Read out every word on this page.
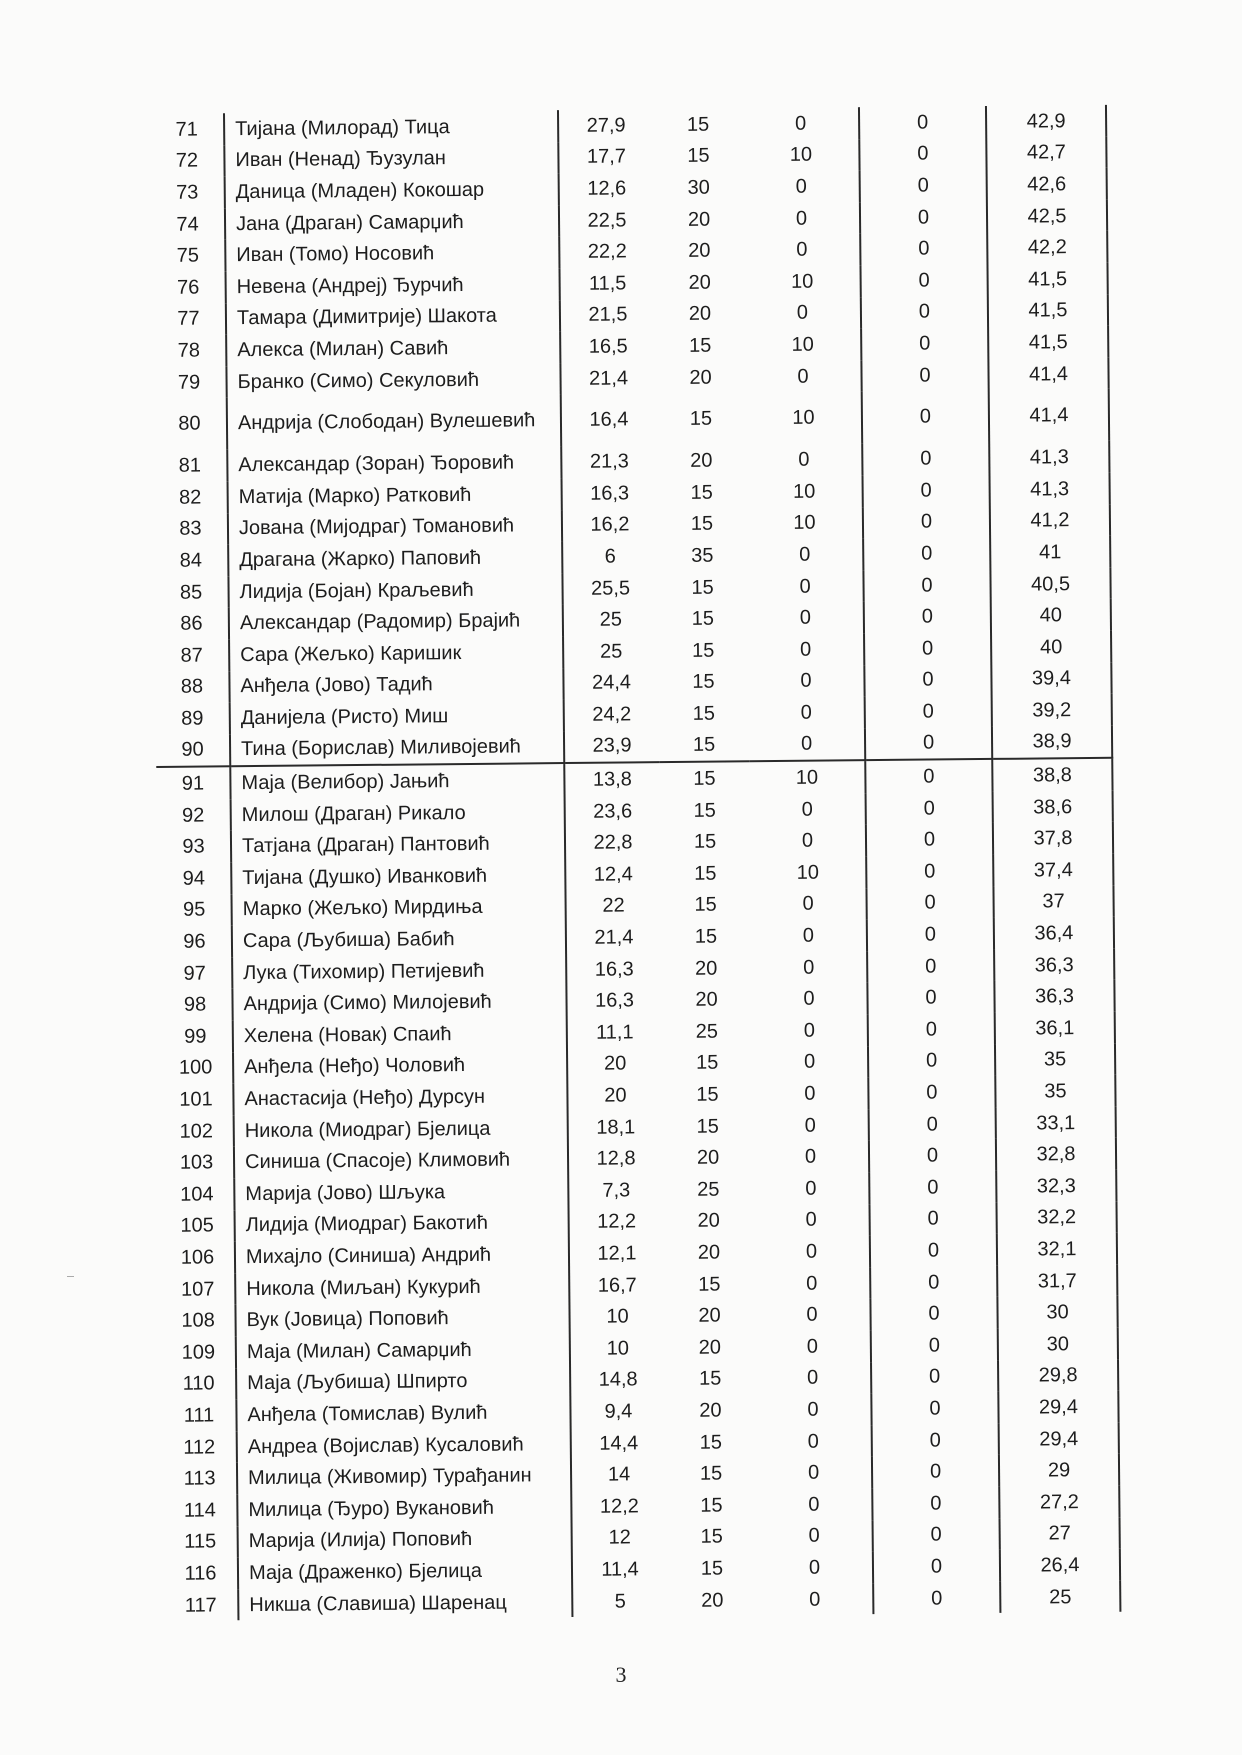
71	Тијана (Милорад) Тица	27,9	15	0	0	42,9
72	Иван (Ненад) Ђузулан	17,7	15	10	0	42,7
73	Даница (Младен) Кокошар	12,6	30	0	0	42,6
74	Јана (Драган) Самарџић	22,5	20	0	0	42,5
75	Иван (Томо) Носовић	22,2	20	0	0	42,2
76	Невена (Андреј) Ђурчић	11,5	20	10	0	41,5
77	Тамара (Димитрије) Шакота	21,5	20	0	0	41,5
78	Алекса (Милан) Савић	16,5	15	10	0	41,5
79	Бранко (Симо) Секуловић	21,4	20	0	0	41,4
80	Андрија (Слободан) Вулешевић	16,4	15	10	0	41,4
81	Александар (Зоран) Ђоровић	21,3	20	0	0	41,3
82	Матија (Марко) Ратковић	16,3	15	10	0	41,3
83	Јована (Мијодраг) Томановић	16,2	15	10	0	41,2
84	Драгана (Жарко) Паповић	6	35	0	0	41
85	Лидија (Бојан) Краљевић	25,5	15	0	0	40,5
86	Александар (Радомир) Брајић	25	15	0	0	40
87	Сара (Жељко) Каришик	25	15	0	0	40
88	Анђела (Јово) Тадић	24,4	15	0	0	39,4
89	Данијела (Ристо) Миш	24,2	15	0	0	39,2
90	Тина (Борислав) Миливојевић	23,9	15	0	0	38,9
91	Маја (Велибор) Јањић	13,8	15	10	0	38,8
92	Милош (Драган) Рикало	23,6	15	0	0	38,6
93	Татјана (Драган) Пантовић	22,8	15	0	0	37,8
94	Тијана (Душко) Иванковић	12,4	15	10	0	37,4
95	Марко (Жељко) Мирдиња	22	15	0	0	37
96	Сара (Љубиша) Бабић	21,4	15	0	0	36,4
97	Лука (Тихомир) Петијевић	16,3	20	0	0	36,3
98	Андрија (Симо) Милојевић	16,3	20	0	0	36,3
99	Хелена (Новак) Спаић	11,1	25	0	0	36,1
100	Анђела (Нeђо) Чоловић	20	15	0	0	35
101	Анастасија (Нeђо) Дурсун	20	15	0	0	35
102	Никола (Миодраг) Бјелица	18,1	15	0	0	33,1
103	Синиша (Спасоје) Климовић	12,8	20	0	0	32,8
104	Марија (Јово) Шљука	7,3	25	0	0	32,3
105	Лидија (Миодраг) Бакотић	12,2	20	0	0	32,2
106	Михајло (Синиша) Андрић	12,1	20	0	0	32,1
107	Никола (Миљан) Кукурић	16,7	15	0	0	31,7
108	Вук (Јовица) Поповић	10	20	0	0	30
109	Маја (Милан) Самарџић	10	20	0	0	30
110	Маја (Љубиша) Шпирто	14,8	15	0	0	29,8
111	Анђела (Томислав) Вулић	9,4	20	0	0	29,4
112	Андреа (Војислав) Кусаловић	14,4	15	0	0	29,4
113	Милица (Живомир) Турађанин	14	15	0	0	29
114	Милица (Ђуро) Вукановић	12,2	15	0	0	27,2
115	Марија (Илија) Поповић	12	15	0	0	27
116	Маја (Драженко) Бјелица	11,4	15	0	0	26,4
117	Никша (Славиша) Шаренац	5	20	0	0	25
3
